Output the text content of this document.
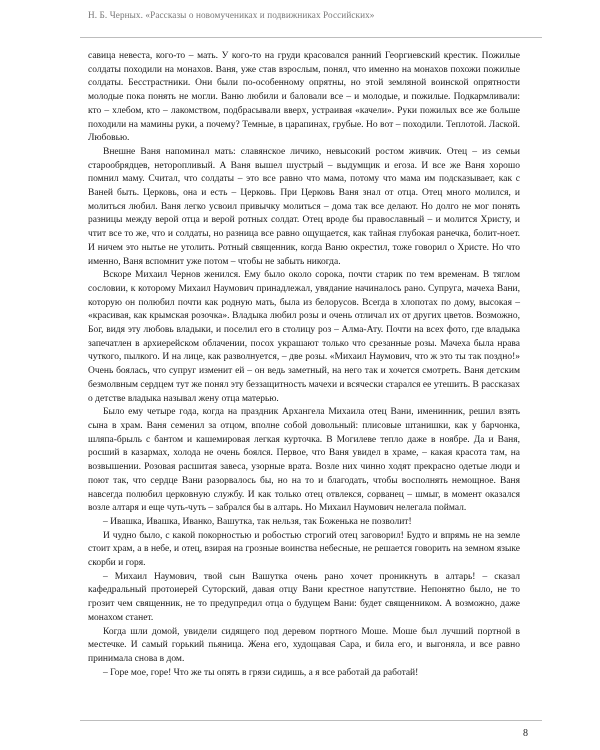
Н. Б. Черных. «Рассказы о новомучениках и подвижниках Российских»

савица невеста, кого-то – мать. У кого-то на груди красовался ранний Георгиевский крестик. Пожилые солдаты походили на монахов. Ваня, уже став взрослым, понял, что именно на монахов похожи пожилые солдаты. Бесстрастники. Они были по-особенному опрятны, но этой земляной воинской опрятности молодые пока понять не могли. Ваню любили и баловали все – и молодые, и пожилые. Подкармливали: кто – хлебом, кто – лакомством, подбрасывали вверх, устраивая «качели». Руки пожилых все же больше походили на мамины руки, а почему? Темные, в царапинах, грубые. Но вот – походили. Теплотой. Лаской. Любовью.

Внешне Ваня напоминал мать: славянское личико, невысокий ростом живчик. Отец – из семьи старообрядцев, неторопливый. А Ваня вышел шустрый – выдумщик и егоза. И все же Ваня хорошо помнил маму. Считал, что солдаты – это все равно что мама, потому что мама им подсказывает, как с Ваней быть. Церковь, она и есть – Церковь. При Церковь Ваня знал от отца. Отец много молился, и молиться любил. Ваня легко усвоил привычку молиться – дома так все делают. Но долго не мог понять разницы между верой отца и верой ротных солдат. Отец вроде бы православный – и молится Христу, и чтит все то же, что и солдаты, но разница все равно ощущается, как тайная глубокая ранечка, болит-ноет. И ничем это нытье не утолить. Ротный священник, когда Ваню окрестил, тоже говорил о Христе. Но что именно, Ваня вспомнит уже потом – чтобы не забыть никогда.

Вскоре Михаил Чернов женился. Ему было около сорока, почти старик по тем временам. В тяглом сословии, к которому Михаил Наумович принадлежал, увядание начиналось рано. Супруга, мачеха Вани, которую он полюбил почти как родную мать, была из белорусов. Всегда в хлопотах по дому, высокая – «красивая, как крымская розочка». Владыка любил розы и очень отличал их от других цветов. Возможно, Бог, видя эту любовь владыки, и поселил его в столицу роз – Алма-Ату. Почти на всех фото, где владыка запечатлен в архиерейском облачении, посох украшают только что срезанные розы. Мачеха была нрава чуткого, пылкого. И на лице, как разволнуется, – две розы. «Михаил Наумович, что ж это ты так поздно!» Очень боялась, что супруг изменит ей – он ведь заметный, на него так и хочется смотреть. Ваня детским безмолвным сердцем тут же понял эту беззащитность мачехи и всячески старался ее утешить. В рассказах о детстве владыка называл жену отца матерью.

Было ему четыре года, когда на праздник Архангела Михаила отец Вани, именинник, решил взять сына в храм. Ваня семенил за отцом, вполне собой довольный: плисовые штанишки, как у барчонка, шляпа-брыль с бантом и кашемировая легкая курточка. В Могилеве тепло даже в ноябре. Да и Ваня, росший в казармах, холода не очень боялся. Первое, что Ваня увидел в храме, – какая красота там, на возвышении. Розовая расшитая завеса, узорные врата. Возле них чинно ходят прекрасно одетые люди и поют так, что сердце Вани разорвалось бы, но на то и благодать, чтобы восполнять немощное. Ваня навсегда полюбил церковную службу. И как только отец отвлекся, сорванец – шмыг, в момент оказался возле алтаря и еще чуть-чуть – забрался бы в алтарь. Но Михаил Наумович нелегала поймал.

– Ивашка, Ивашка, Иванко, Вашутка, так нельзя, так Боженька не позволит!

И чудно было, с какой покорностью и робостью строгий отец заговорил! Будто и впрямь не на земле стоит храм, а в небе, и отец, взирая на грозные воинства небесные, не решается говорить на земном языке скорби и горя.

– Михаил Наумович, твой сын Вашутка очень рано хочет проникнуть в алтарь! – сказал кафедральный протоиерей Суторский, давая отцу Вани крестное напутствие. Непонятно было, не то грозит чем священник, не то предупредил отца о будущем Вани: будет священником. А возможно, даже монахом станет.

Когда шли домой, увидели сидящего под деревом портного Моше. Моше был лучший портной в местечке. И самый горький пьяница. Жена его, худощавая Сара, и била его, и выгоняла, и все равно принимала снова в дом.

– Горе мое, горе! Что же ты опять в грязи сидишь, а я все работай да работай!

8
